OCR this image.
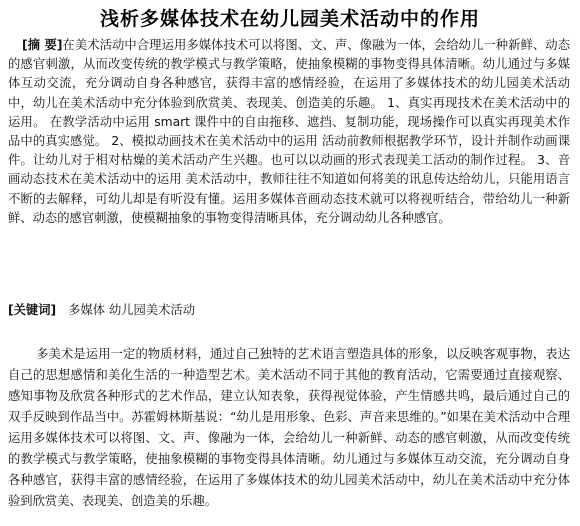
浅析多媒体技术在幼儿园美术活动中的作用
[摘 要]在美术活动中合理运用多媒体技术可以将图、文、声、像融为一体，会给幼儿一种新鲜、动态的感官刺激，从而改变传统的教学模式与教学策略，使抽象模糊的事物变得具体清晰。幼儿通过与多媒体互动交流，充分调动自身各种感官，获得丰富的感情经验，在运用了多媒体技术的幼儿园美术活动中，幼儿在美术活动中充分体验到欣赏美、表现美、创造美的乐趣。 1、真实再现技术在美术活动中的运用。 在教学活动中运用 smart 课件中的自由拖移、遮挡、复制功能，现场操作可以真实再现美术作品中的真实感觉。 2、模拟动画技术在美术活动中的运用 活动前教师根据教学环节，设计并制作动画课件。让幼儿对于相对枯燥的美术活动产生兴趣。也可以以动画的形式表现美工活动的制作过程。 3、音画动态技术在美术活动中的运用 美术活动中，教师往往不知道如何将美的讯息传达给幼儿，只能用语言不断的去解释，可幼儿却是有听没有懂。运用多媒体音画动态技术就可以将视听结合，带给幼儿一种新鲜、动态的感官刺激，使模糊抽象的事物变得清晰具体，充分调动幼儿各种感官。
[关键词] 多媒体 幼儿园美术活动
多美术是运用一定的物质材料，通过自己独特的艺术语言塑造具体的形象，以反映客观事物，表达自己的思想感情和美化生活的一种造型艺术。美术活动不同于其他的教育活动，它需要通过直接观察、感知事物及欣赏各种形式的艺术作品，建立认知表象，获得视觉体验，产生情感共鸣，最后通过自己的双手反映到作品当中。苏霍姆林斯基说：“幼儿是用形象、色彩、声音来思维的。”如果在美术活动中合理运用多媒体技术可以将图、文、声、像融为一体，会给幼儿一种新鲜、动态的感官刺激，从而改变传统的教学模式与教学策略，使抽象模糊的事物变得具体清晰。幼儿通过与多媒体互动交流，充分调动自身各种感官，获得丰富的感情经验，在运用了多媒体技术的幼儿园美术活动中，幼儿在美术活动中充分体验到欣赏美、表现美、创造美的乐趣。
